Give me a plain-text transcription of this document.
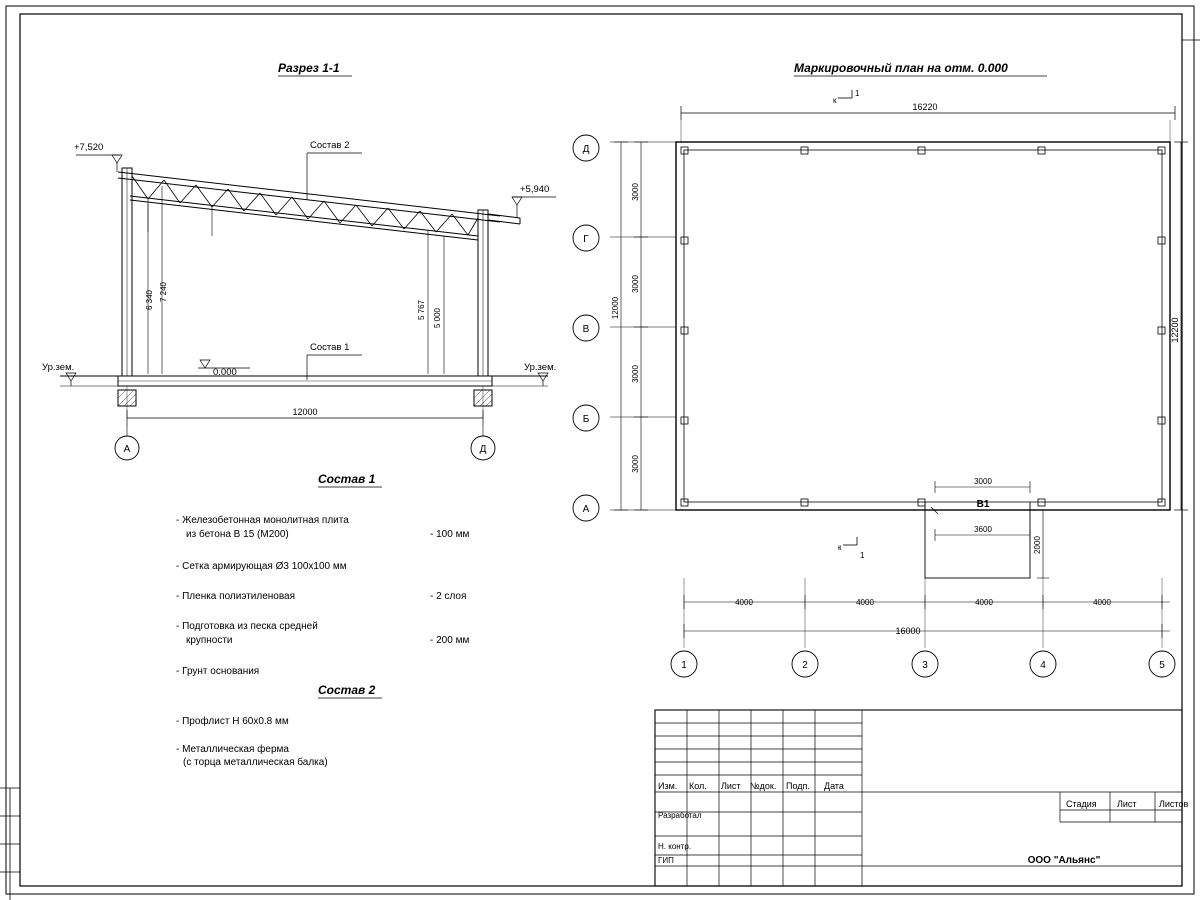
Разрез 1-1
+7,520
+5,940
Ур.зем.	Ур.зем.
0.000
Состав 2
Состав 1
6 340 7 240
5 767 5 000
12000
А	Д
Состав 1
- Железобетонная монолитная плита
из бетона B 15 (М200)	- 100 мм
- Сетка армирующая Ø3 100х100 мм
- Пленка полиэтиленовая	- 2 слоя
- Подготовка из песка средней
крупности	- 200 мм
- Грунт основания
Состав 2
- Профлист H 60х0.8 мм
- Металлическая ферма
(с торца металлическая балка)
Маркировочный план на отм. 0.000
16220
12200
к
1
к
1
3000
3000
3000
3000
12000
Д
Г
В
Б
А
4000	4000	4000	4000
16000
1	2	3	4	5
3000
3600
2000
В1
Изм. Кол. Лист №док. Подп. Дата
Разработал
Н. контр.
ГИП
Стадия Лист Листов
ООО "Альянс"
